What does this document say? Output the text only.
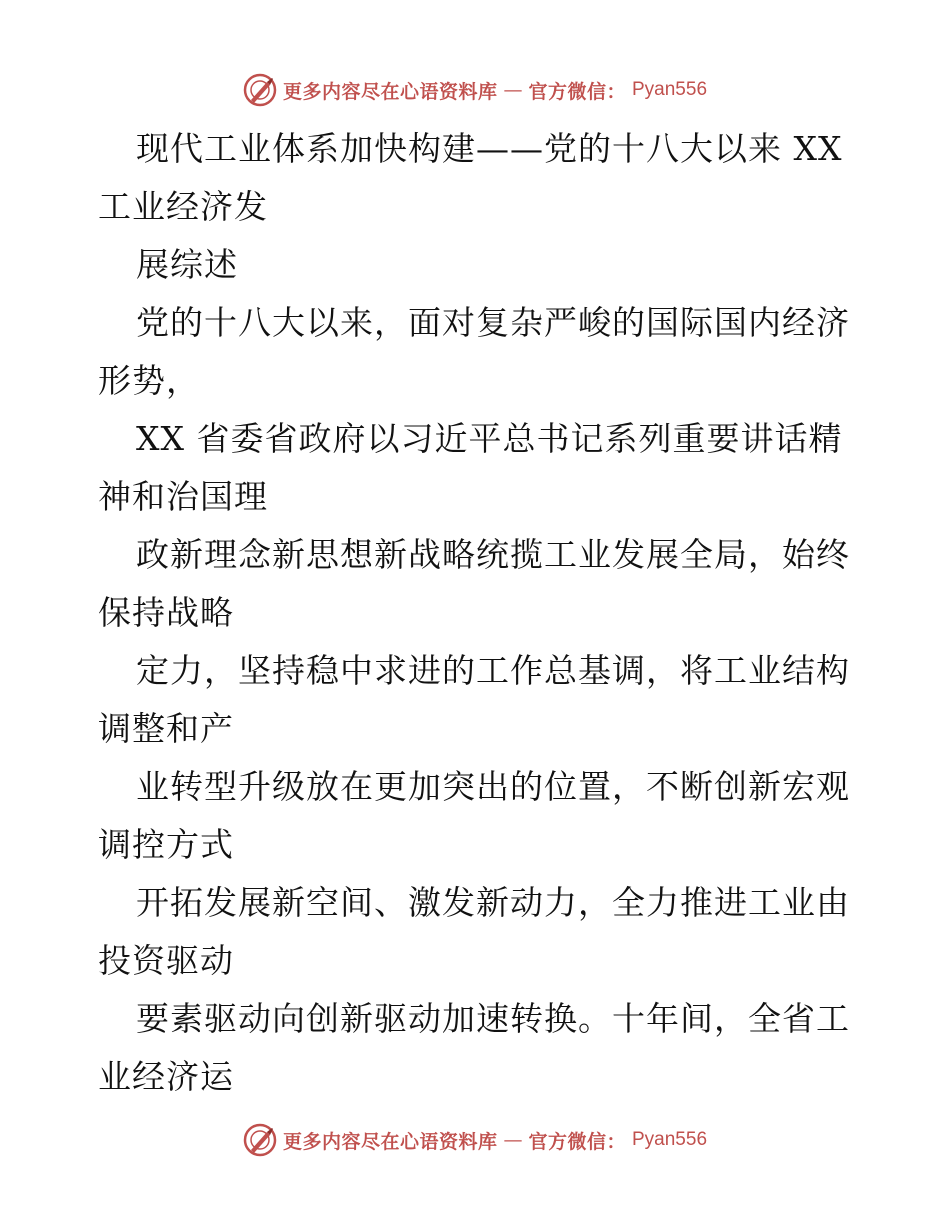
更多内容尽在心语资料库 — 官方微信： Pyan556
现代工业体系加快构建——党的十八大以来 XX
工业经济发
展综述
党的十八大以来，面对复杂严峻的国际国内经济
形势，
XX 省委省政府以习近平总书记系列重要讲话精
神和治国理
政新理念新思想新战略统揽工业发展全局，始终
保持战略
定力，坚持稳中求进的工作总基调，将工业结构
调整和产
业转型升级放在更加突出的位置，不断创新宏观
调控方式
开拓发展新空间、激发新动力，全力推进工业由
投资驱动
要素驱动向创新驱动加速转换。十年间，全省工
业经济运
更多内容尽在心语资料库 — 官方微信： Pyan556
